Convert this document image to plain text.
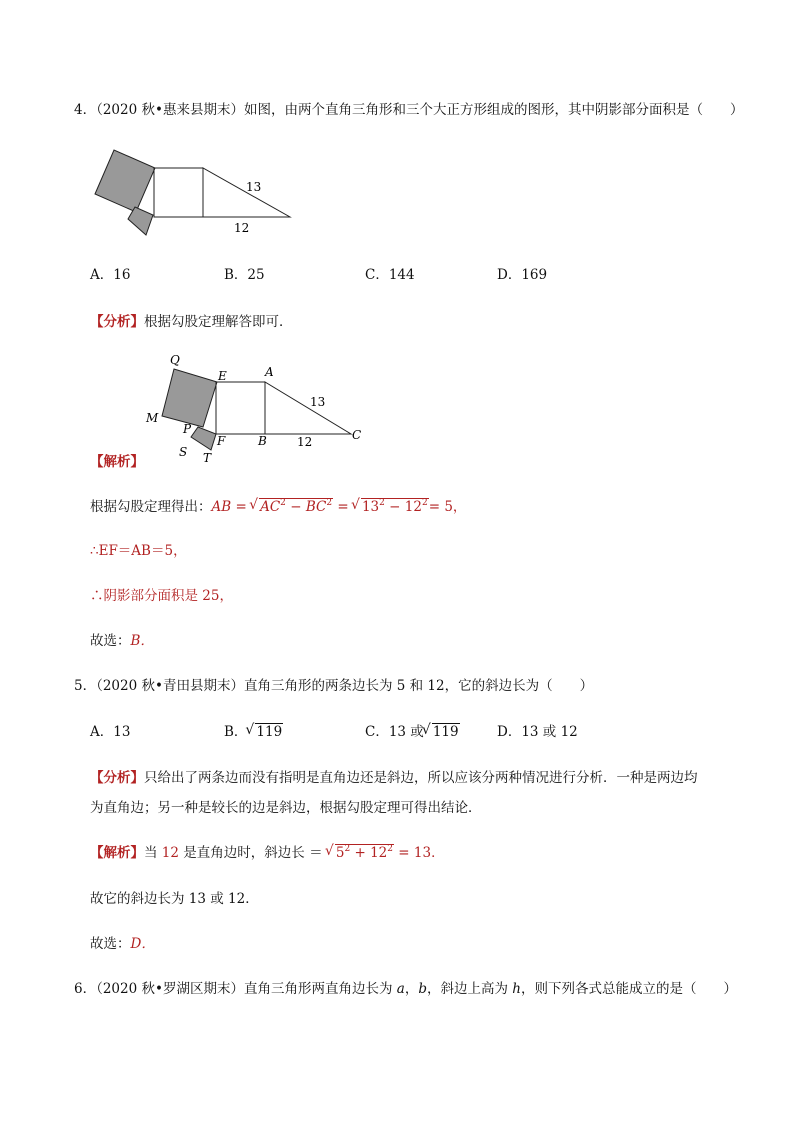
4．（2020 秋•惠来县期末）如图，由两个直角三角形和三个大正方形组成的图形，其中阴影部分面积是（　　）
13
12
A．16	B．25	C．144	D．169
【分析】根据勾股定理解答即可．
Q
E	A
M
P
F	B	C
S T
13
12
【解析】
根据勾股定理得出：AB = √ $AC^2 - BC^2$ = √ $13^2 - 12^2= 5$，
∴EF＝AB＝5，
∴阴影部分面积是 25，
故选：B．
5．（2020 秋•青田县期末）直角三角形的两条边长为 5 和 12，它的斜边长为（　　）
A．13	B． √ 119	C．13 或 √ 119	D．13 或 12
【分析】只给出了两条边而没有指明是直角边还是斜边，所以应该分两种情况进行分析．一种是两边均
为直角边；另一种是较长的边是斜边，根据勾股定理可得出结论．
【解析】当 12 是直角边时，斜边长 ＝ √ $5^2 + 12^2 = 13$．
故它的斜边长为 13 或 12．
故选：D．
6．（2020 秋•罗湖区期末）直角三角形两直角边长为 a，b，斜边上高为 h，则下列各式总能成立的是（　　）
